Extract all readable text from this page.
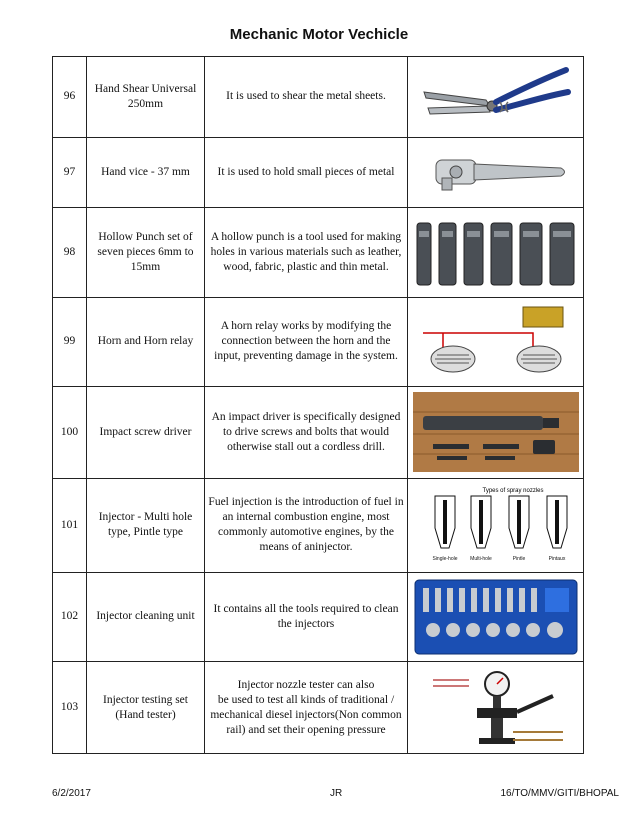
Mechanic Motor Vechicle
96	Hand Shear Universal 250mm	It is used to shear the metal sheets.	

97	Hand vice - 37 mm	It is used to hold small pieces of metal	

98	Hollow Punch set of seven pieces 6mm to 15mm	A hollow punch is a tool used for making holes in various materials such as leather, wood, fabric, plastic and thin metal.	

99	Horn and Horn relay	A horn relay works by modifying the connection between the horn and the input, preventing damage in the system.	

100	Impact screw driver	An impact driver is specifically designed to drive screws and bolts that would otherwise stall out a cordless drill.	

101	Injector - Multi hole type, Pintle type	Fuel injection is the introduction of fuel in an internal combustion engine, most commonly automotive engines, by the means of aninjector.	Types of spray nozzles
Single-hole Multi-hole Pintle Pintaux

102	Injector cleaning unit	It contains all the tools required to clean the injectors	

103	Injector testing set (Hand tester)	Injector nozzle tester can also
be used to test all kinds of traditional /
mechanical diesel injectors(Non common
rail) and set their opening pressure	
6/2/2017	JR	16/TO/MMV/GITI/BHOPAL
